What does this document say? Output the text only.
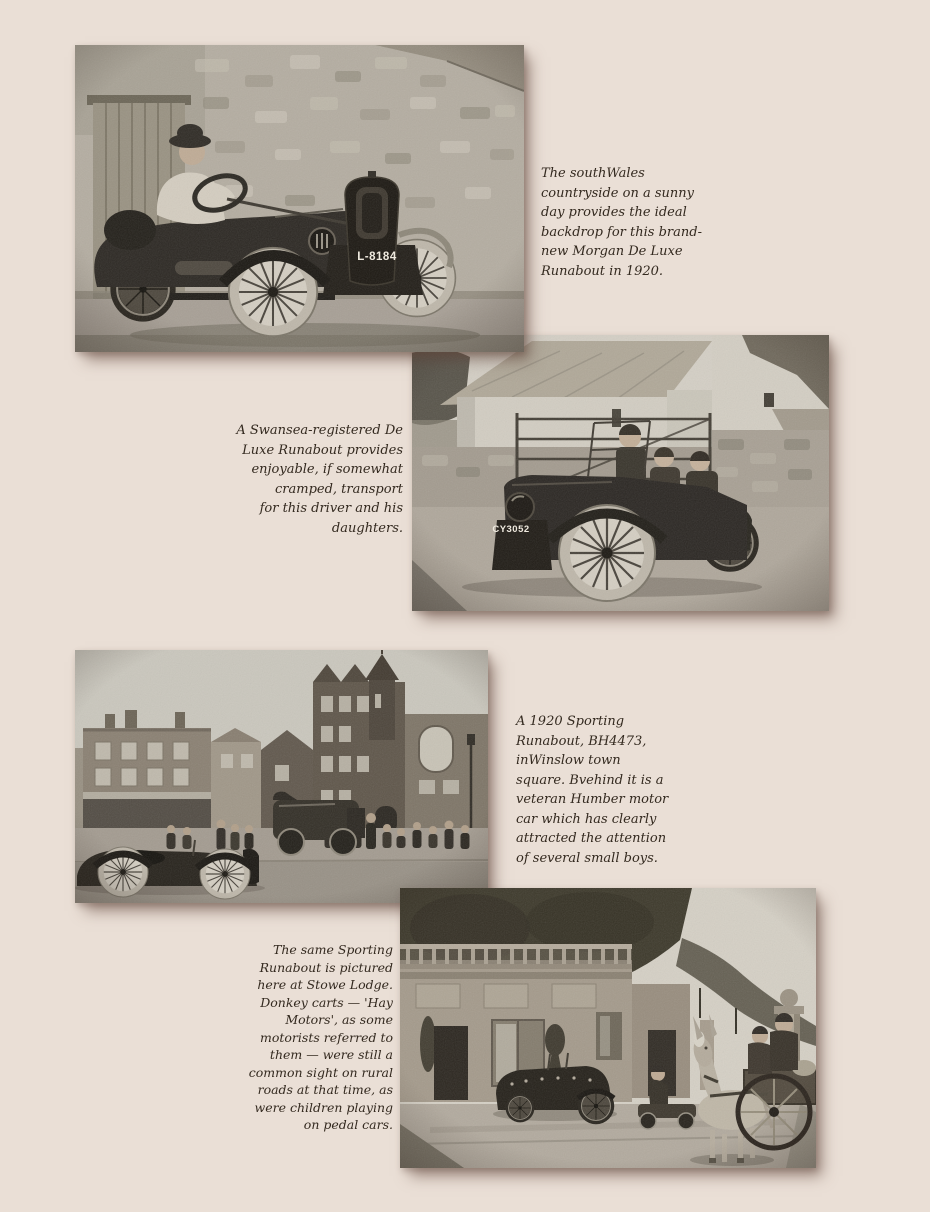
L-8184
CY3052
The southWales
countryside on a sunny
day provides the ideal
backdrop for this brand-
new Morgan De Luxe
Runabout in 1920.
A Swansea-registered De
Luxe Runabout provides
enjoyable, if somewhat
cramped, transport
for this driver and his
daughters.
A 1920 Sporting
Runabout, BH4473,
inWinslow town
square. Bvehind it is a
veteran Humber motor
car which has clearly
attracted the attention
of several small boys.
The same Sporting
Runabout is pictured
here at Stowe Lodge.
Donkey carts — 'Hay
Motors', as some
motorists referred to
them — were still a
common sight on rural
roads at that time, as
were children playing
on pedal cars.
